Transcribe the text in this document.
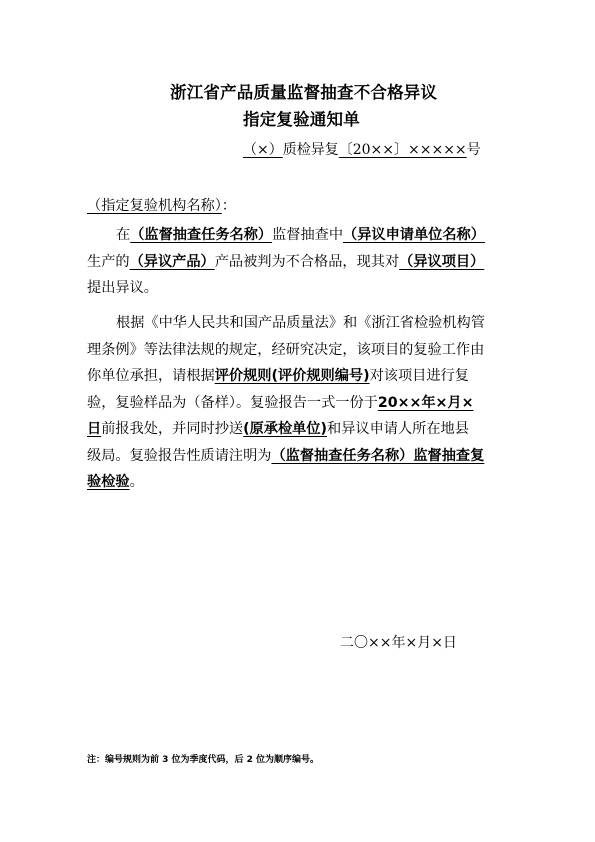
浙江省产品质量监督抽查不合格异议
指定复验通知单
（×）质检异复〔20××〕×××××号
（指定复验机构名称）：
在（监督抽查任务名称）监督抽查中（异议申请单位名称）
生产的（异议产品）产品被判为不合格品，现其对（异议项目）
提出异议。
根据《中华人民共和国产品质量法》和《浙江省检验机构管
理条例》等法律法规的规定，经研究决定，该项目的复验工作由
你单位承担，请根据评价规则(评价规则编号)对该项目进行复
验，复验样品为（备样）。复验报告一式一份于20××年×月×
日前报我处，并同时抄送(原承检单位)和异议申请人所在地县
级局。复验报告性质请注明为（监督抽查任务名称）监督抽查复
验检验。
二〇××年×月×日
注：编号规则为前 3 位为季度代码，后 2 位为顺序编号。
